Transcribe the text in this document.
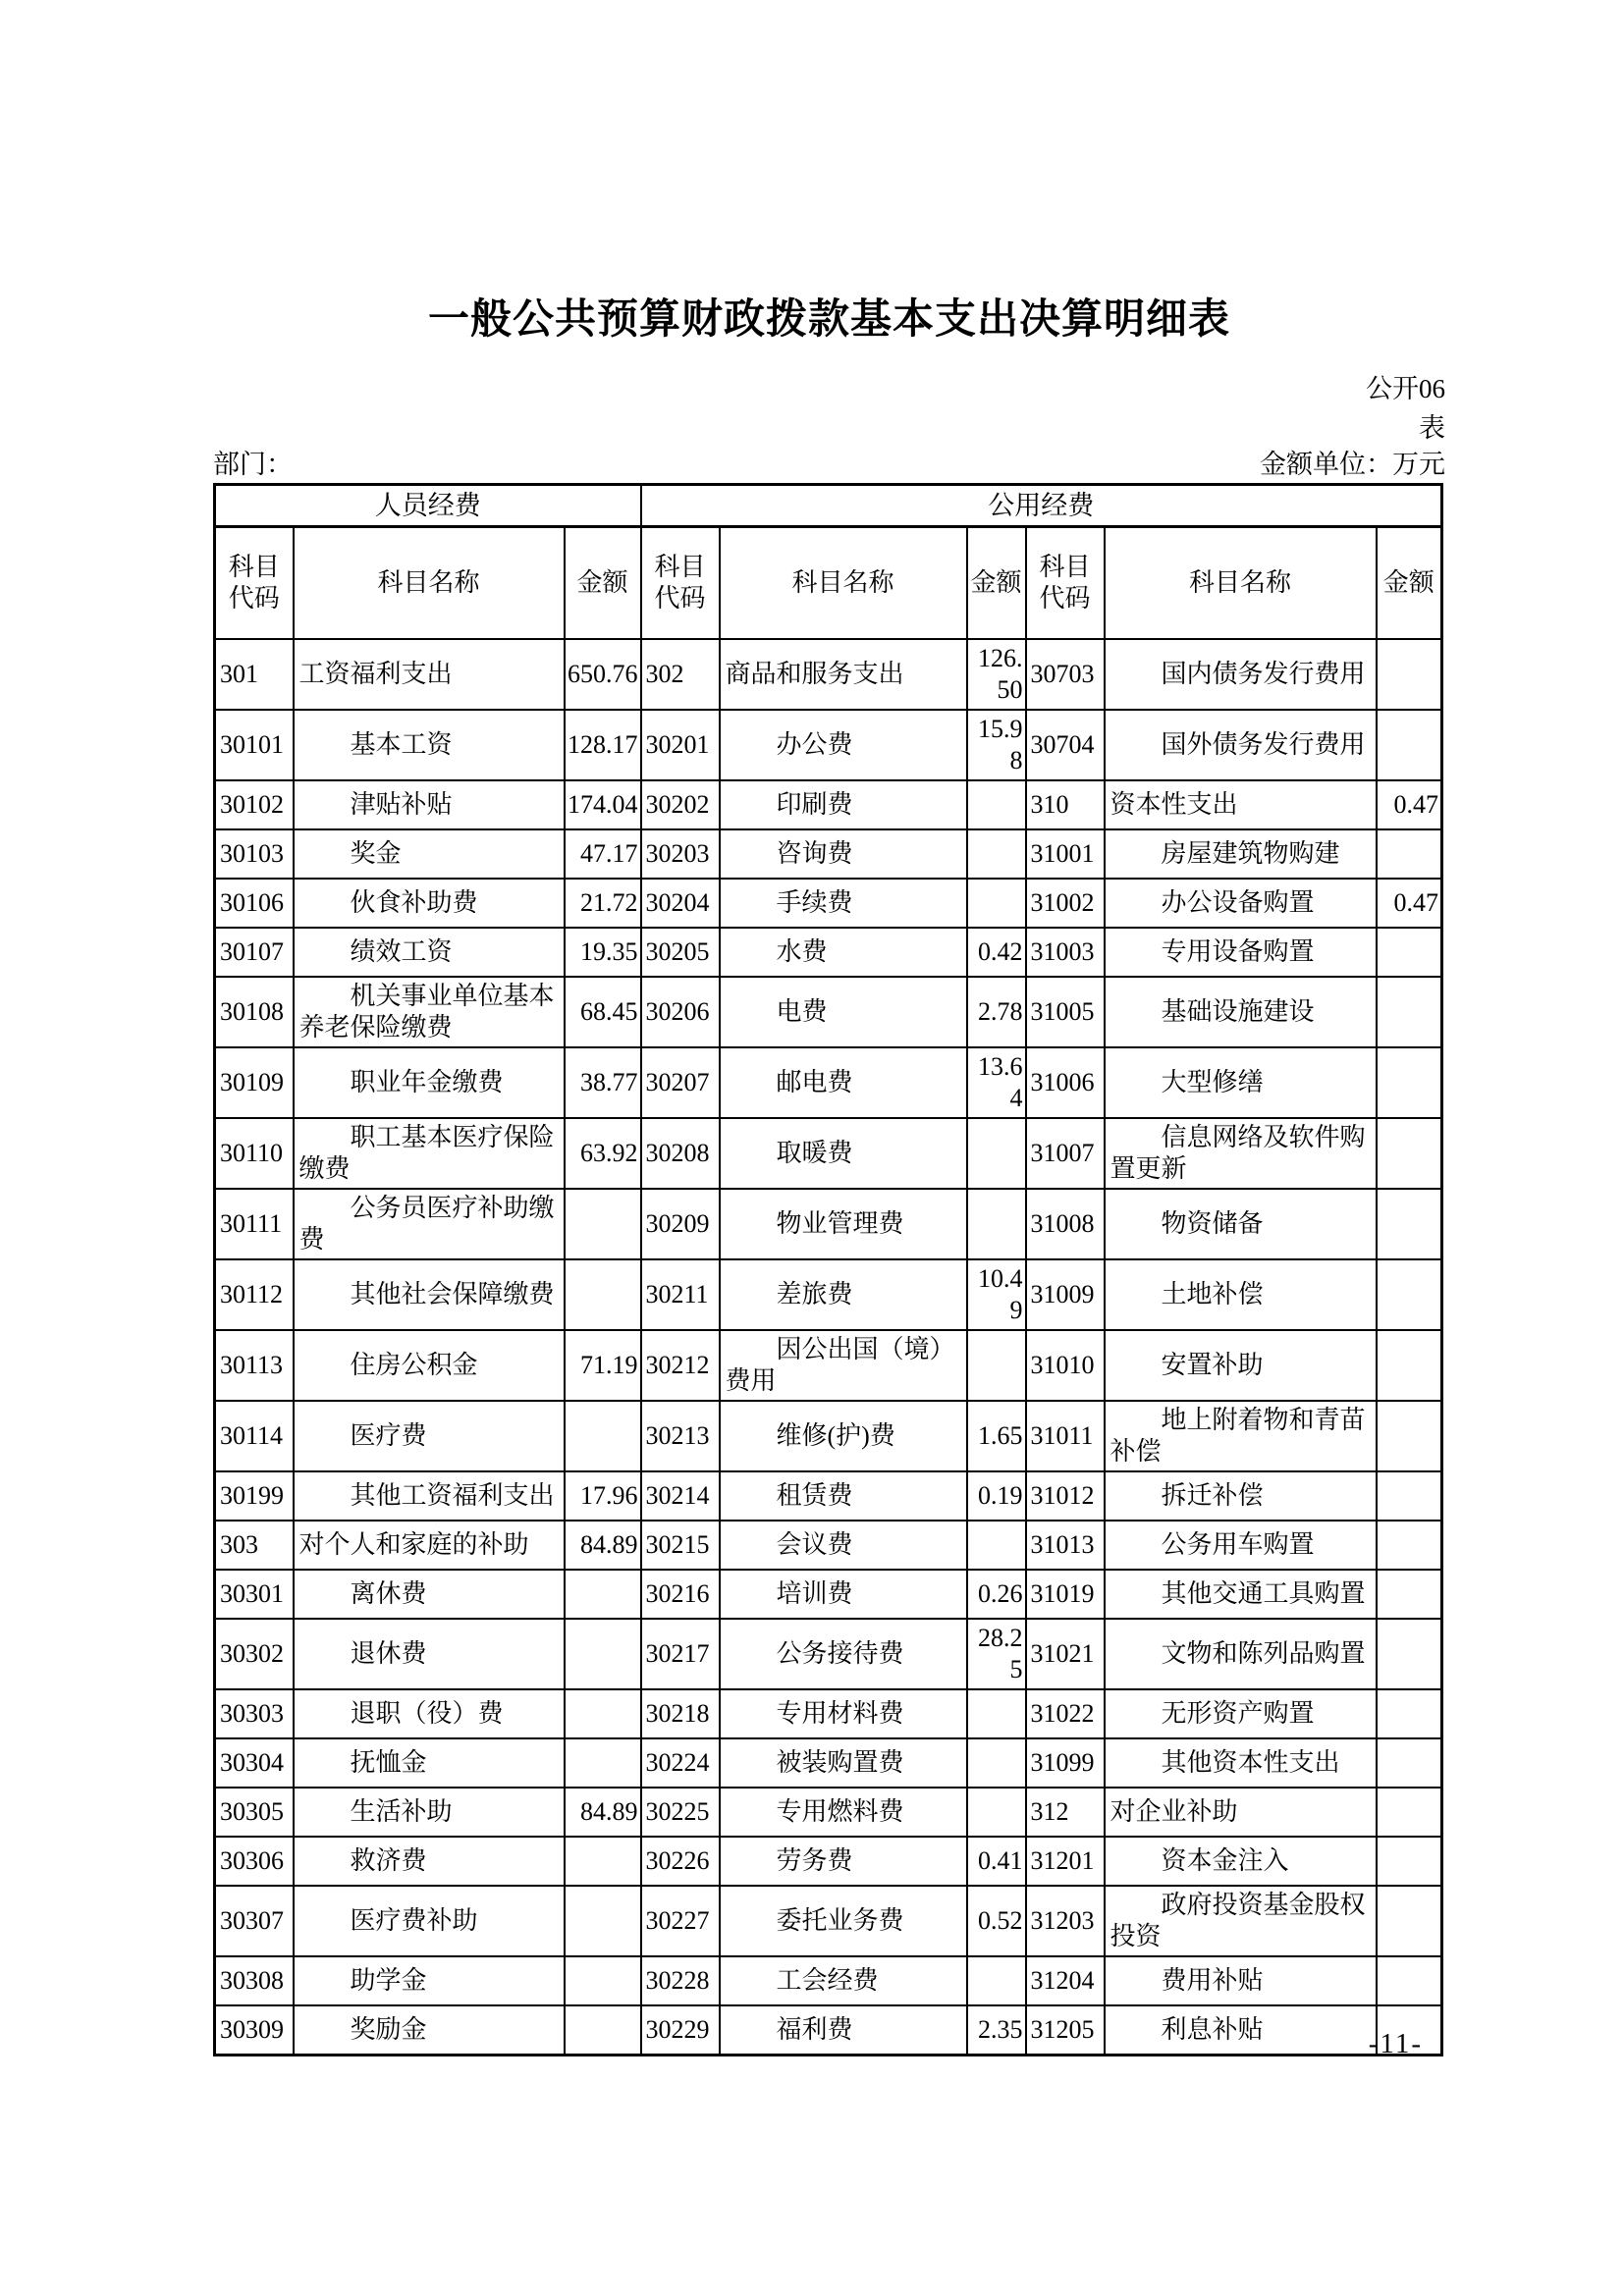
一般公共预算财政拨款基本支出决算明细表
公开06
表
部门：	金额单位：万元
人员经费			公用经费					
科目代码	科目名称	金额	科目代码	科目名称	金额	科目代码	科目名称	金额
301	工资福利支出	650.76	302	商品和服务支出	126.50	30703	国内债务发行费用	
30101	基本工资	128.17	30201	办公费	15.98	30704	国外债务发行费用	
30102	津贴补贴	174.04	30202	印刷费		310	资本性支出	0.47
30103	奖金	47.17	30203	咨询费		31001	房屋建筑物购建	
30106	伙食补助费	21.72	30204	手续费		31002	办公设备购置	0.47
30107	绩效工资	19.35	30205	水费	0.42	31003	专用设备购置	
30108	机关事业单位基本养老保险缴费	68.45	30206	电费	2.78	31005	基础设施建设	
30109	职业年金缴费	38.77	30207	邮电费	13.64	31006	大型修缮	
30110	职工基本医疗保险缴费	63.92	30208	取暖费		31007	信息网络及软件购置更新	
30111	公务员医疗补助缴费		30209	物业管理费		31008	物资储备	
30112	其他社会保障缴费		30211	差旅费	10.49	31009	土地补偿	
30113	住房公积金	71.19	30212	因公出国（境）费用		31010	安置补助	
30114	医疗费		30213	维修(护)费	1.65	31011	地上附着物和青苗补偿	
30199	其他工资福利支出	17.96	30214	租赁费	0.19	31012	拆迁补偿	
303	对个人和家庭的补助	84.89	30215	会议费		31013	公务用车购置	
30301	离休费		30216	培训费	0.26	31019	其他交通工具购置	
30302	退休费		30217	公务接待费	28.25	31021	文物和陈列品购置	
30303	退职（役）费		30218	专用材料费		31022	无形资产购置	
30304	抚恤金		30224	被装购置费		31099	其他资本性支出	
30305	生活补助	84.89	30225	专用燃料费		312	对企业补助	
30306	救济费		30226	劳务费	0.41	31201	资本金注入	
30307	医疗费补助		30227	委托业务费	0.52	31203	政府投资基金股权投资	
30308	助学金		30228	工会经费		31204	费用补贴	
30309	奖励金		30229	福利费	2.35	31205	利息补贴		-11-
